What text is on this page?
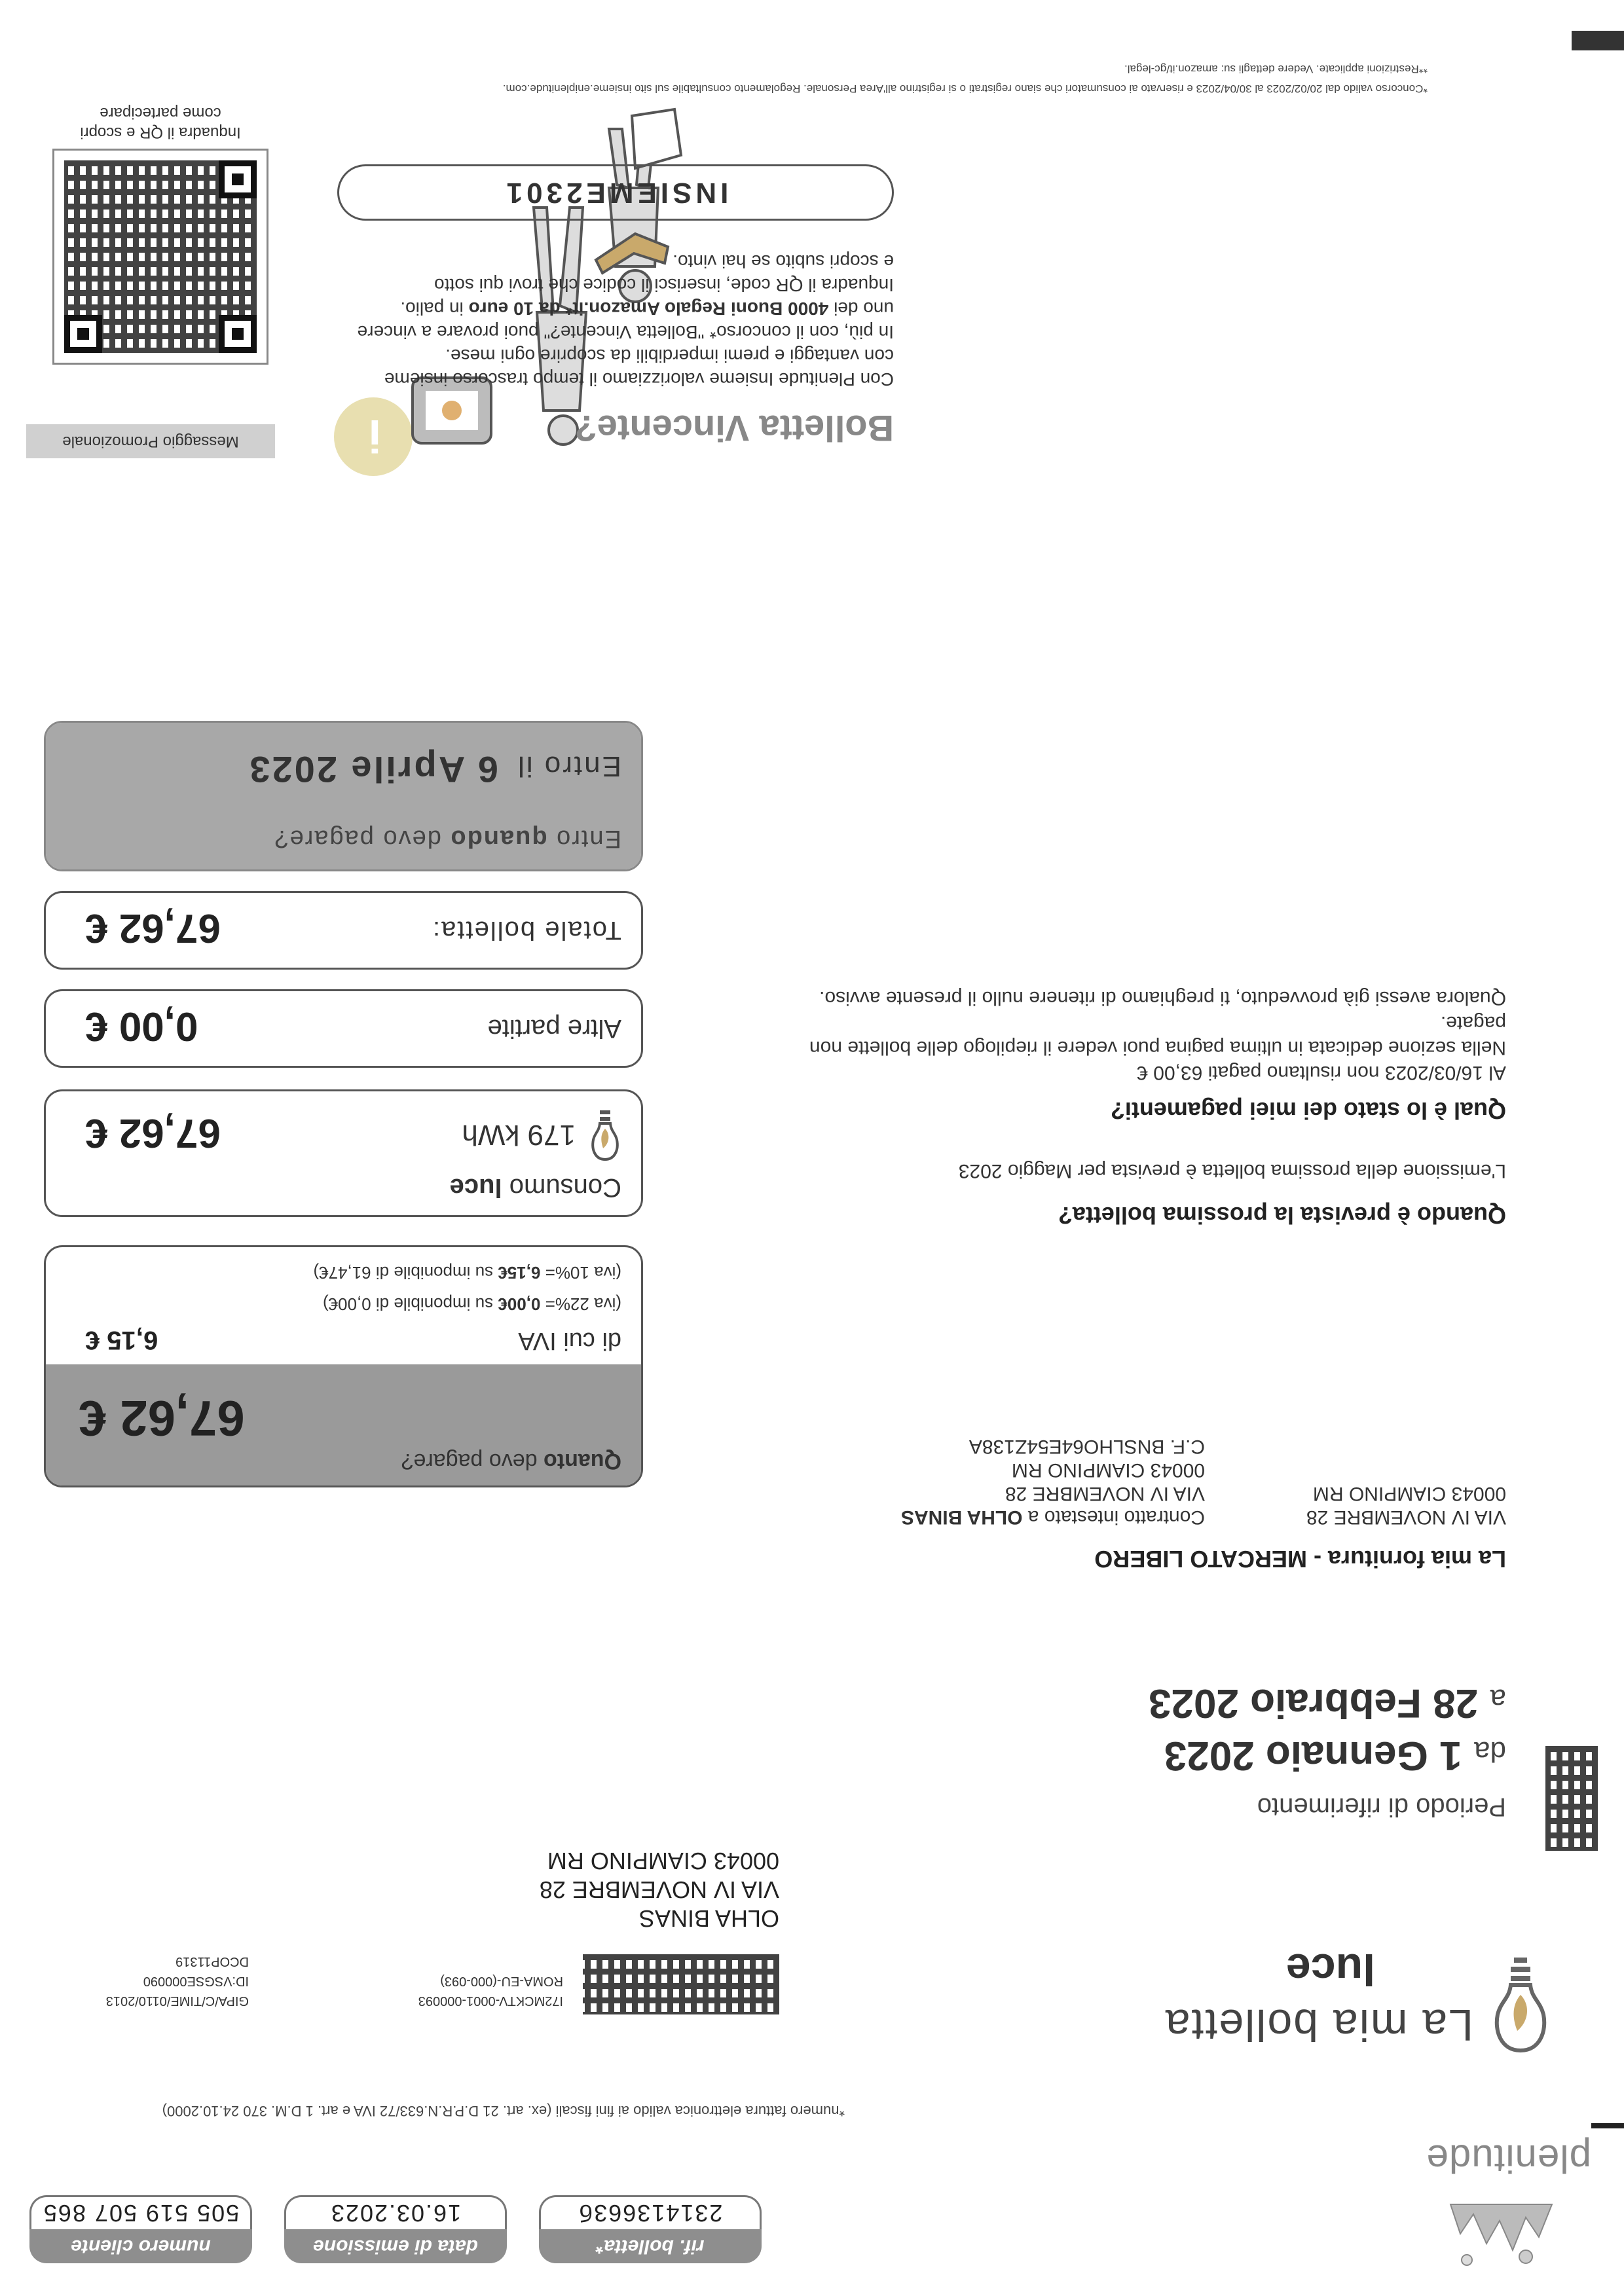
rif. bolletta*
231413663б
data di emissione
16.03.2023
numero cliente
505 519 507 865
plenitude
*numero fattura elettronica valido ai fini fiscali (ex. art. 21 D.P.R.N.633/72 IVA e art. 1 D.M. 370 24.10.2000)
La mia bolletta
luce
I72MCKTV-0001-000093
ROMA-EU-(000-093)
GIPA/C/TIME/0110/2013
ID:VSGSE000090
DCOP11319
OLHA BINAS
VIA IV NOVEMBRE 28
00043 CIAMPINO RM
Periodo di riferimento
da 1 Gennaio 2023
a 28 Febbraio 2023
La mia fornitura - MERCATO LIBERO
VIA IV NOVEMBRE 28
00043 CIAMPINO RM
Contratto intestato a OLHA BINAS
VIA IV NOVEMBRE 28
00043 CIAMPINO RM
C.F. BNSLHO64E54Z138A
Quando è prevista la prossima bolletta?
L'emissione della prossima bolletta è prevista per Maggio 2023
Qual è lo stato dei miei pagamenti?
Al 16/03/2023 non risultano pagati 63,00 €
Nella sezione dedicata in ultima pagina puoi vedere il riepilogo delle bollette non
pagate.
Qualora avessi già provveduto, ti preghiamo di ritenere nullo il presente avviso.
Quanto devo pagare?
67,62 €
di cui IVA
6,15 €
(iva 22%= 0,00€ su imponibile di 0,00€)
(iva 10%= 6,15€ su imponibile di 61,47€)
Consumo luce
179 kWh
67,62 €
Altre partite
0,00 €
Totale bolletta:
67,62 €
Entro quando devo pagare?
Entro il 6 Aprile 2023
Messaggio Promozionale	i	Bolletta Vincente?
Con Plenitude Insieme valorizziamo il tempo trascorso insieme
con vantaggi e premi imperdibili da scoprire ogni mese.
In più, con il concorso* "Bolletta Vincente?" puoi provare a vincere
uno dei 4000 Buoni Regalo Amazon.it* da 10 euro in palio.
Inquadra il QR code, inserisci il codice che trovi qui sotto
e scopri subito se hai vinto.
INSIEME2301
Inquadra il QR e scopri
come partecipare
*Concorso valido dal 20/02/2023 al 30/04/2023 e riservato ai consumatori che siano registrati o si registrino all'Area Personale. Regolamento consultabile sul sito insieme.eniplenitude.com.
**Restrizioni applicate. Vedere dettagli su: amazon.it/gc-legal.
